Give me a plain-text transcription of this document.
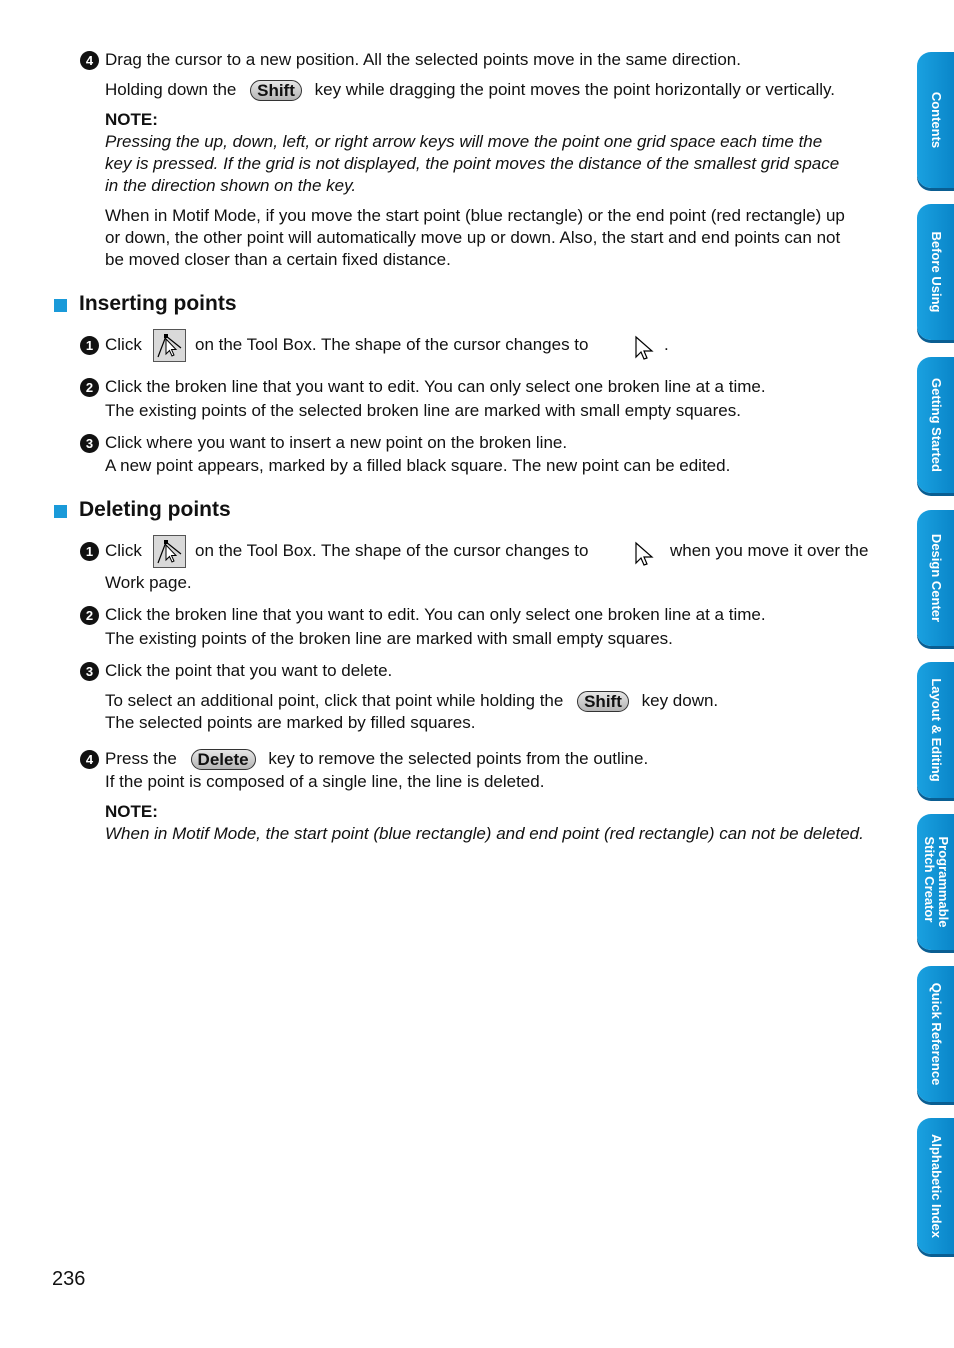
4 Drag the cursor to a new position. All the selected points move in the same direction.
Holding down the Shift key while dragging the point moves the point horizontally or vertically.
NOTE:
Pressing the up, down, left, or right arrow keys will move the point one grid space each time the
key is pressed. If the grid is not displayed, the point moves the distance of the smallest grid space
in the direction shown on the key.
When in Motif Mode, if you move the start point (blue rectangle) or the end point (red rectangle) up
or down, the other point will automatically move up or down. Also, the start and end points can not
be moved closer than a certain fixed distance.
Inserting points
1 Click	on the Tool Box. The shape of the cursor changes to	.
2 Click the broken line that you want to edit. You can only select one broken line at a time.
The existing points of the selected broken line are marked with small empty squares.
3 Click where you want to insert a new point on the broken line.
A new point appears, marked by a filled black square. The new point can be edited.
Deleting points
1 Click	on the Tool Box. The shape of the cursor changes to	when you move it over the
Work page.
2 Click the broken line that you want to edit. You can only select one broken line at a time.
The existing points of the broken line are marked with small empty squares.
3 Click the point that you want to delete.
To select an additional point, click that point while holding the Shift key down.
The selected points are marked by filled squares.
4 Press the Delete key to remove the selected points from the outline.
If the point is composed of a single line, the line is deleted.
NOTE:
When in Motif Mode, the start point (blue rectangle) and end point (red rectangle) can not be deleted.
236
Contents
Before Using
Getting Started
Design Center
Layout & Editing
Programmable
Stitch Creator
Quick Reference
Alphabetic Index
